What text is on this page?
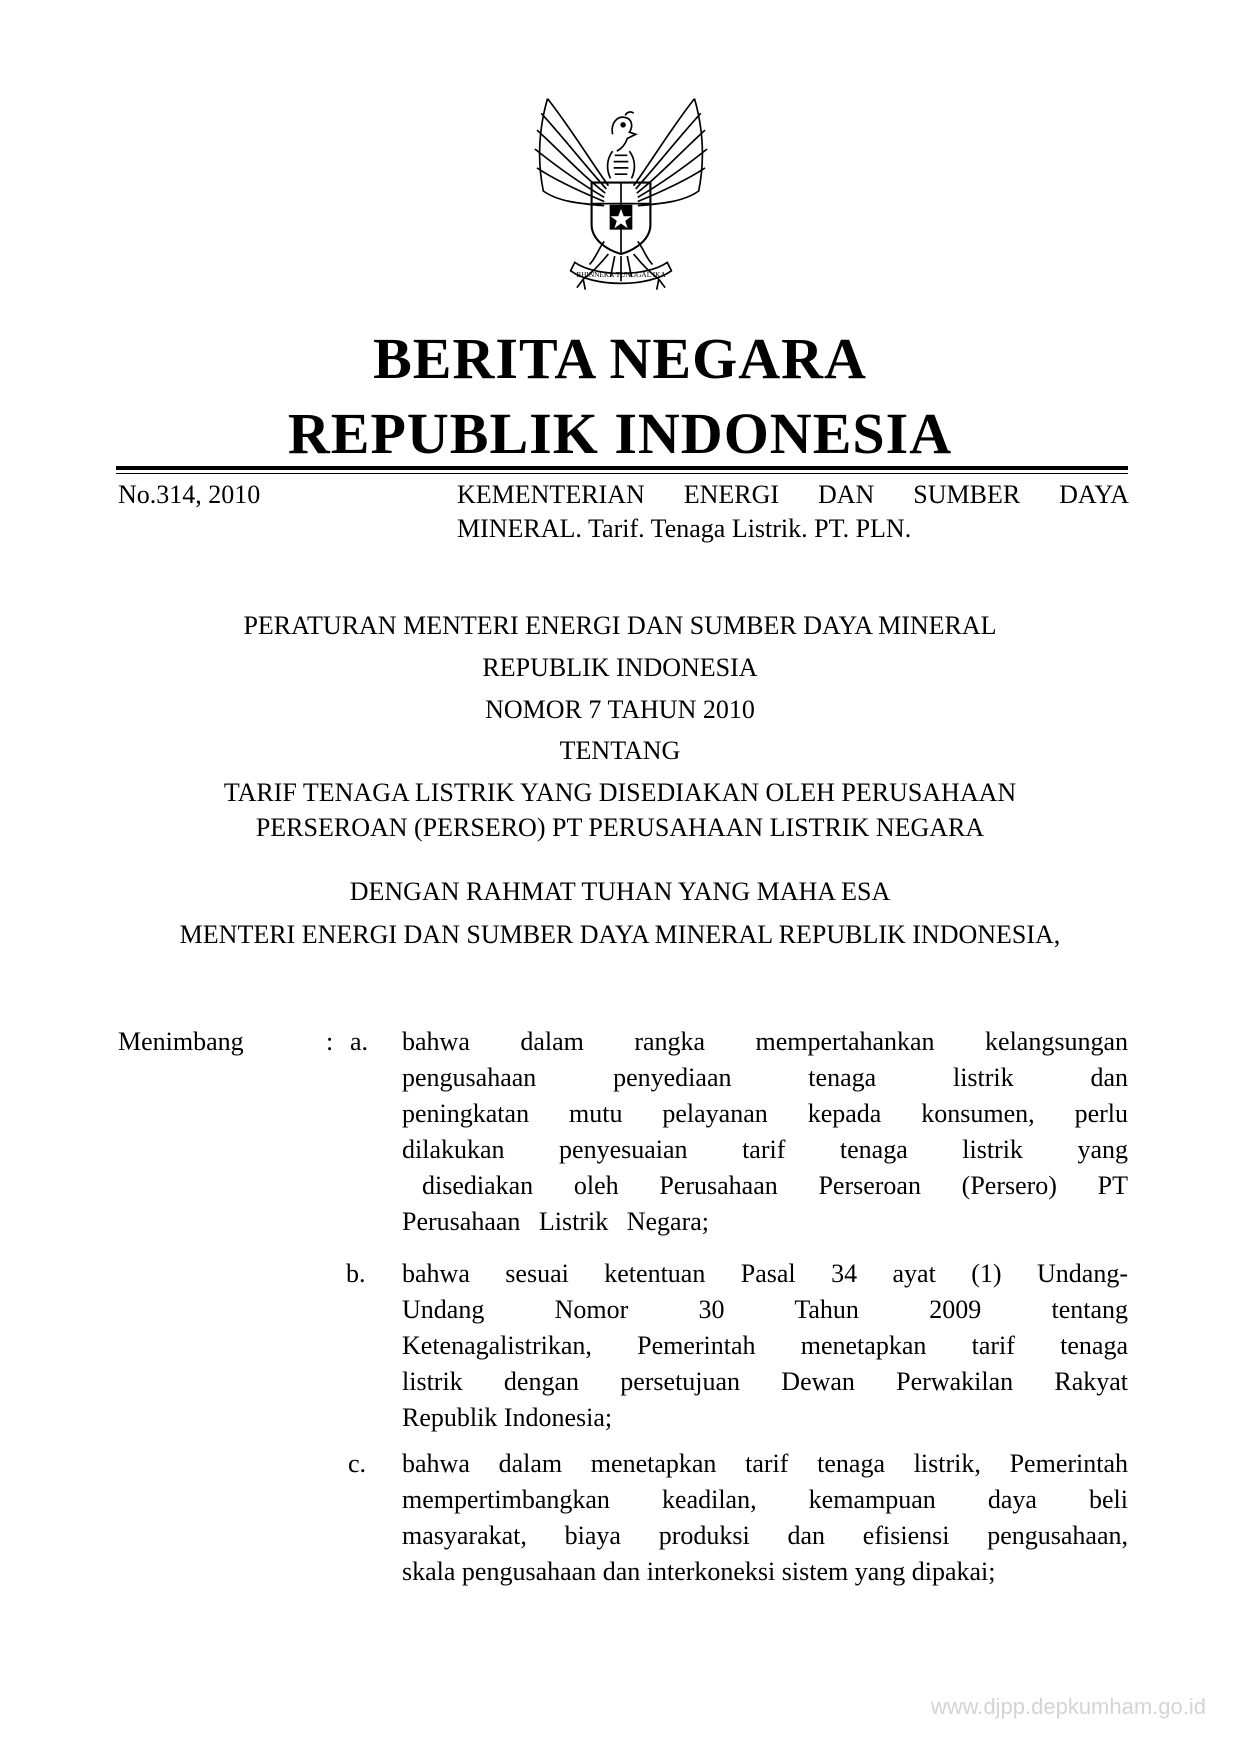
BHINNEKA TUNGGAL IKA
BERITA NEGARA
REPUBLIK INDONESIA
No.314, 2010	KEMENTERIAN ENERGI DAN SUMBER DAYA
MINERAL. Tarif. Tenaga Listrik. PT. PLN.
PERATURAN MENTERI ENERGI DAN SUMBER DAYA MINERAL
REPUBLIK INDONESIA
NOMOR 7 TAHUN 2010
TENTANG
TARIF TENAGA LISTRIK YANG DISEDIAKAN OLEH PERUSAHAAN
PERSEROAN (PERSERO) PT PERUSAHAAN LISTRIK NEGARA
DENGAN RAHMAT TUHAN YANG MAHA ESA
MENTERI ENERGI DAN SUMBER DAYA MINERAL REPUBLIK INDONESIA,
Menimbang	: a. bahwa dalam rangka mempertahankan kelangsungan
pengusahaan penyediaan tenaga listrik dan
peningkatan mutu pelayanan kepada konsumen, perlu
dilakukan penyesuaian tarif tenaga listrik yang
disediakan oleh Perusahaan Perseroan (Persero) PT
Perusahaan Listrik Negara;
b. bahwa sesuai ketentuan Pasal 34 ayat (1) Undang-
Undang Nomor 30 Tahun 2009 tentang
Ketenagalistrikan, Pemerintah menetapkan tarif tenaga
listrik dengan persetujuan Dewan Perwakilan Rakyat
Republik Indonesia;
c. bahwa dalam menetapkan tarif tenaga listrik, Pemerintah
mempertimbangkan keadilan, kemampuan daya beli
masyarakat, biaya produksi dan efisiensi pengusahaan,
skala pengusahaan dan interkoneksi sistem yang dipakai;
www.djpp.depkumham.go.id
